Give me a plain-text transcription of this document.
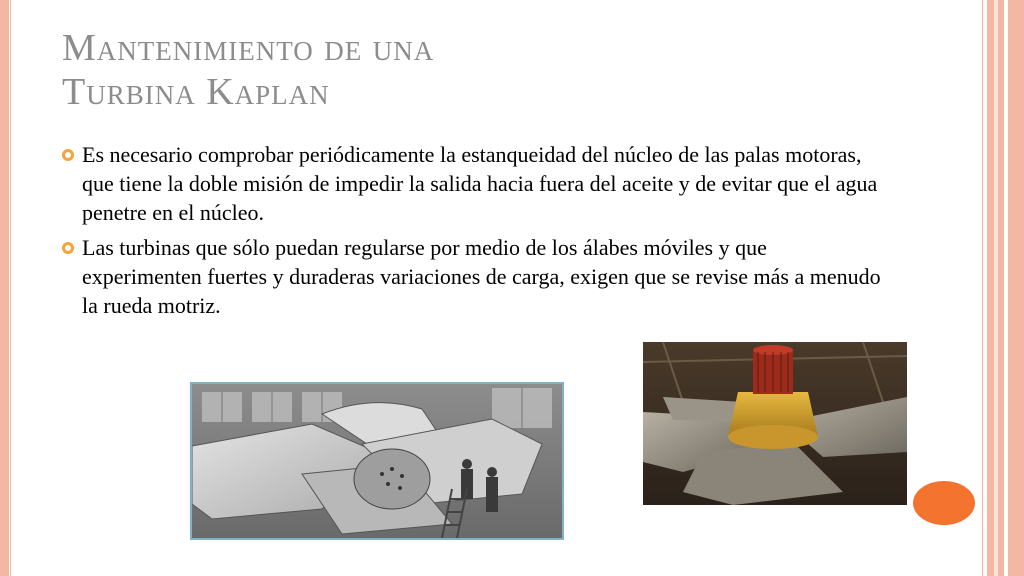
Mantenimiento de una
Turbina Kaplan
Es necesario comprobar periódicamente la estanqueidad del núcleo de las palas motoras, que tiene la doble misión de impedir la salida hacia fuera del aceite y de evitar que el agua penetre en el núcleo.
Las turbinas que sólo puedan regularse por medio de los álabes móviles y que experimenten fuertes y duraderas variaciones de carga, exigen que se revise más a menudo la rueda motriz.
